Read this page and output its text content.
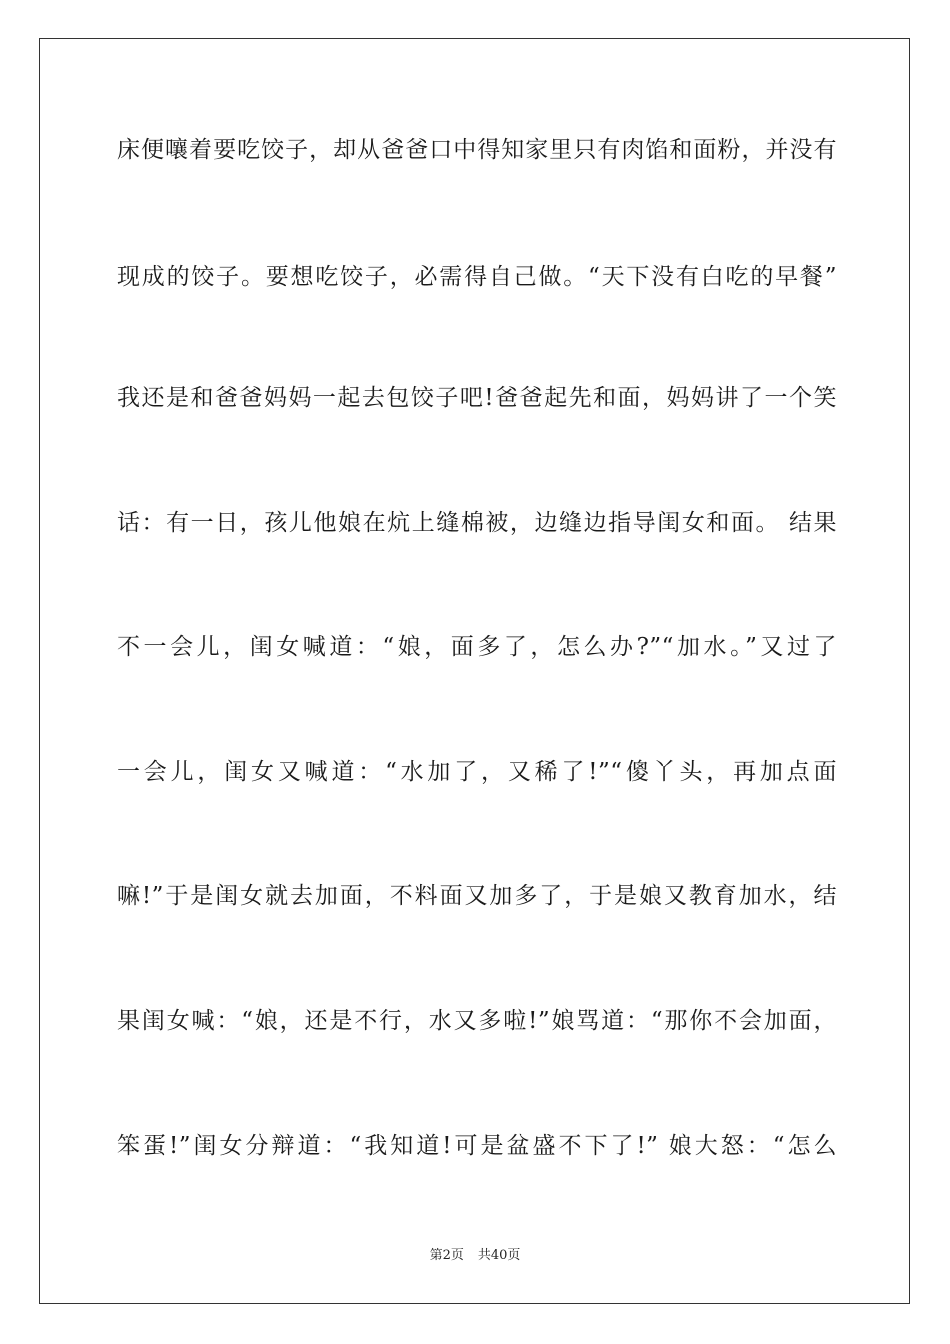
床便嚷着要吃饺子，却从爸爸口中得知家里只有肉馅和面粉，并没有
现成的饺子。要想吃饺子，必需得自己做。“天下没有白吃的早餐”
我还是和爸爸妈妈一起去包饺子吧!爸爸起先和面，妈妈讲了一个笑
话：有一日，孩儿他娘在炕上缝棉被，边缝边指导闺女和面。 结果
不一会儿，闺女喊道：“娘，面多了，怎么办?”“加水。”又过了
一会儿，闺女又喊道：“水加了，又稀了!”“傻丫头，再加点面
嘛!”于是闺女就去加面，不料面又加多了，于是娘又教育加水，结
果闺女喊：“娘，还是不行，水又多啦!”娘骂道：“那你不会加面，
笨蛋!”闺女分辩道：“我知道!可是盆盛不下了!” 娘大怒：“怎么
第2页 共40页
